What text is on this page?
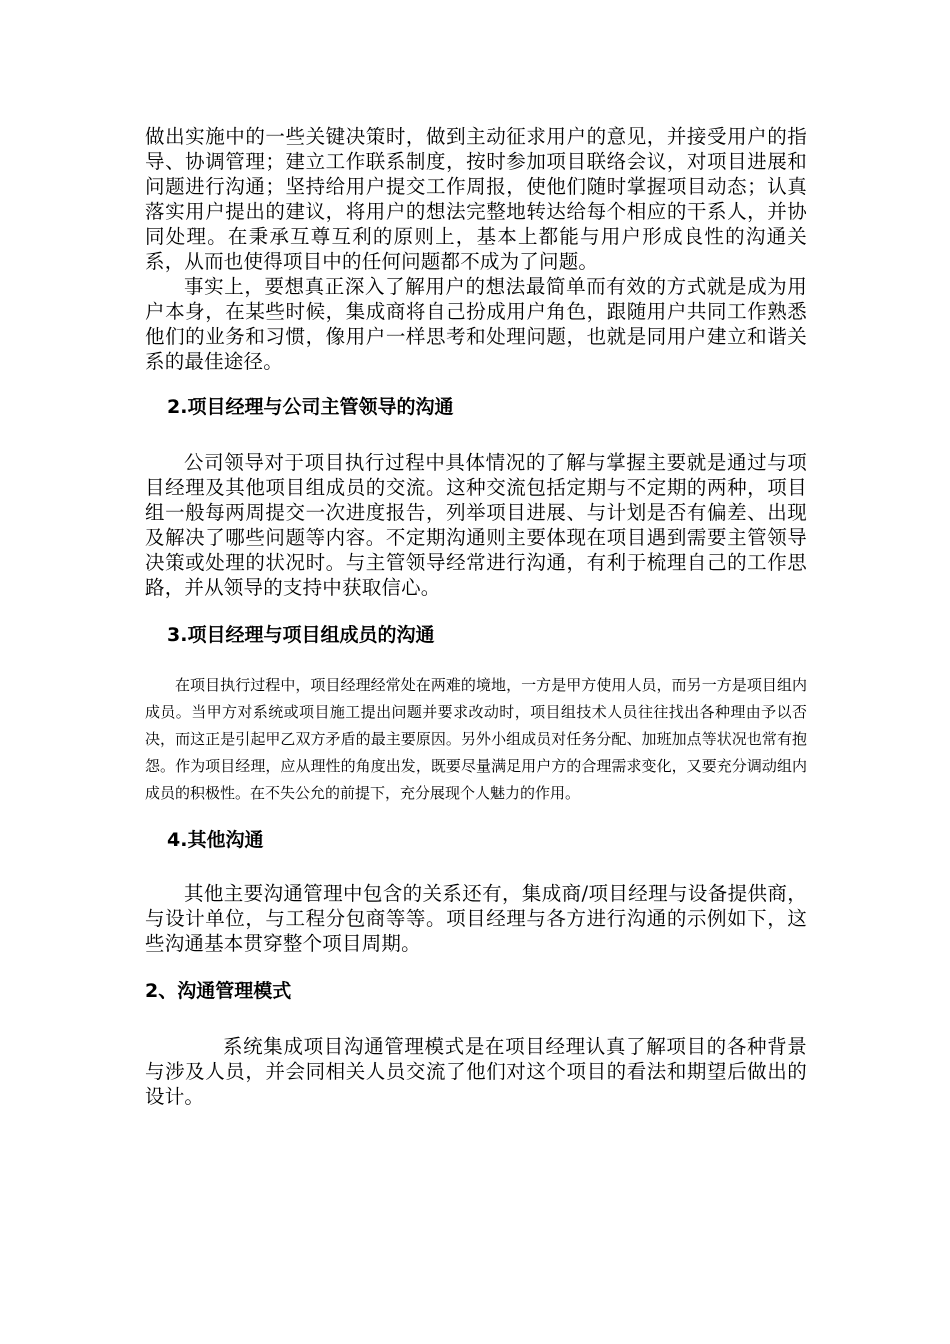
做出实施中的一些关键决策时，做到主动征求用户的意见，并接受用户的指导、协调管理；建立工作联系制度，按时参加项目联络会议，对项目进展和问题进行沟通；坚持给用户提交工作周报，使他们随时掌握项目动态；认真落实用户提出的建议，将用户的想法完整地转达给每个相应的干系人，并协同处理。在秉承互尊互利的原则上，基本上都能与用户形成良性的沟通关系，从而也使得项目中的任何问题都不成为了问题。

事实上，要想真正深入了解用户的想法最简单而有效的方式就是成为用户本身，在某些时候，集成商将自己扮成用户角色，跟随用户共同工作熟悉他们的业务和习惯，像用户一样思考和处理问题，也就是同用户建立和谐关系的最佳途径。

2.项目经理与公司主管领导的沟通

公司领导对于项目执行过程中具体情况的了解与掌握主要就是通过与项目经理及其他项目组成员的交流。这种交流包括定期与不定期的两种，项目组一般每两周提交一次进度报告，列举项目进展、与计划是否有偏差、出现及解决了哪些问题等内容。不定期沟通则主要体现在项目遇到需要主管领导决策或处理的状况时。与主管领导经常进行沟通，有利于梳理自己的工作思路，并从领导的支持中获取信心。

3.项目经理与项目组成员的沟通

在项目执行过程中，项目经理经常处在两难的境地，一方是甲方使用人员，而另一方是项目组内成员。当甲方对系统或项目施工提出问题并要求改动时，项目组技术人员往往找出各种理由予以否决，而这正是引起甲乙双方矛盾的最主要原因。另外小组成员对任务分配、加班加点等状况也常有抱怨。作为项目经理，应从理性的角度出发，既要尽量满足用户方的合理需求变化，又要充分调动组内成员的积极性。在不失公允的前提下，充分展现个人魅力的作用。

4.其他沟通

其他主要沟通管理中包含的关系还有，集成商/项目经理与设备提供商，与设计单位，与工程分包商等等。项目经理与各方进行沟通的示例如下，这些沟通基本贯穿整个项目周期。

2、沟通管理模式

系统集成项目沟通管理模式是在项目经理认真了解项目的各种背景与涉及人员，并会同相关人员交流了他们对这个项目的看法和期望后做出的设计。
